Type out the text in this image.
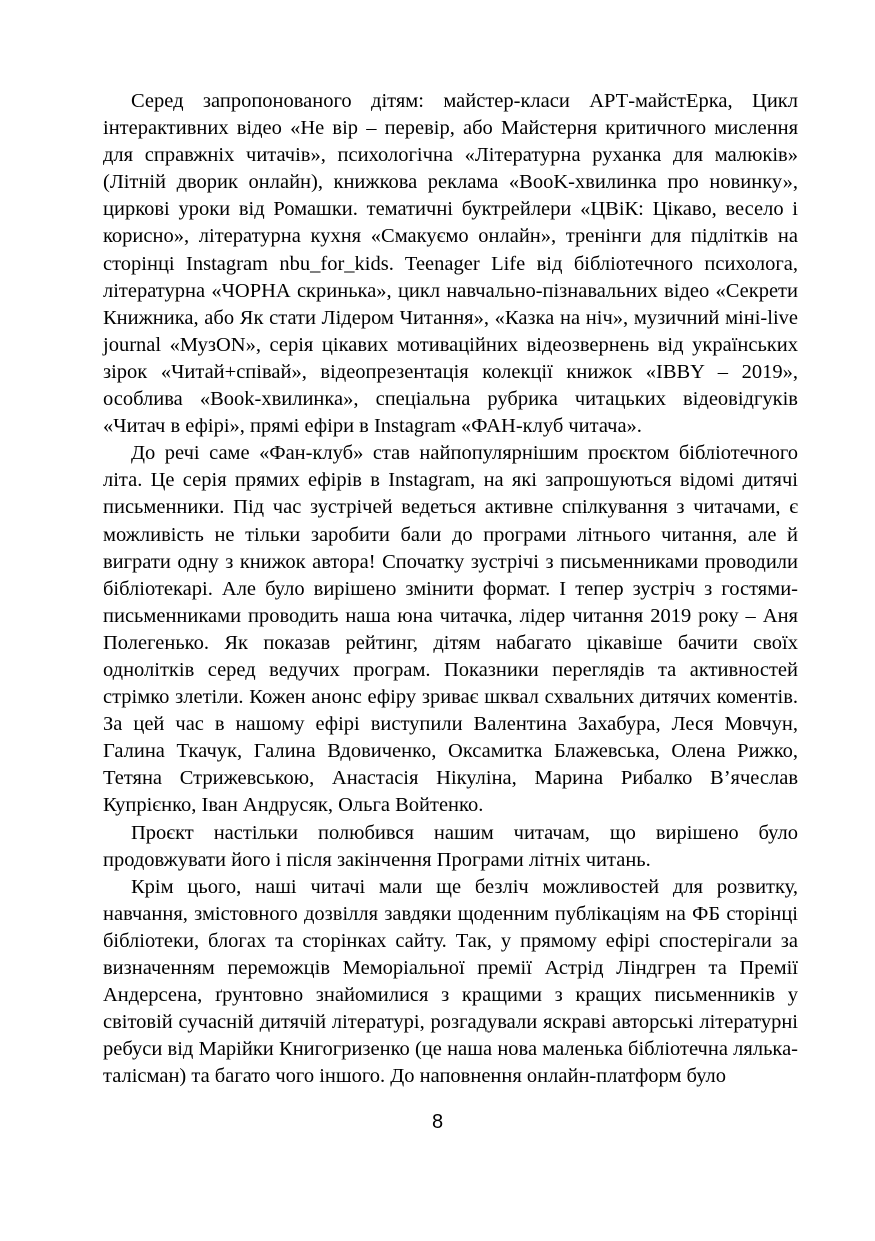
Серед запропонованого дітям: майстер-класи АРТ-майстЕрка, Цикл інтерактивних відео «Не вір – перевір, або Майстерня критичного мислення для справжніх читачів», психологічна «Літературна руханка для малюків» (Літній дворик онлайн), книжкова реклама «BooK-хвилинка про новинку», циркові уроки від Ромашки. тематичні буктрейлери «ЦВіК: Цікаво, весело і корисно», літературна кухня «Смакуємо онлайн», тренінги для підлітків на сторінці Instagram nbu_for_kids. Teenager Life від бібліотечного психолога, літературна «ЧОРНА скринька», цикл навчально-пізнавальних відео «Секрети Книжника, або Як стати Лідером Читання», «Казка на ніч», музичний міні-live journal «МузON», серія цікавих мотиваційних відеозвернень від українських зірок «Читай+співай», відеопрезентація колекції книжок «IBBY – 2019», особлива «Book-хвилинка», спеціальна рубрика читацьких відеовідгуків «Читач в ефірі», прямі ефіри в Instagram «ФАН-клуб читача».

До речі саме «Фан-клуб» став найпопулярнішим проєктом бібліотечного літа. Це серія прямих ефірів в Instagram, на які запрошуються відомі дитячі письменники. Під час зустрічей ведеться активне спілкування з читачами, є можливість не тільки заробити бали до програми літнього читання, але й виграти одну з книжок автора! Спочатку зустрічі з письменниками проводили бібліотекарі. Але було вирішено змінити формат. І тепер зустріч з гостями-письменниками проводить наша юна читачка, лідер читання 2019 року – Аня Полегенько. Як показав рейтинг, дітям набагато цікавіше бачити своїх однолітків серед ведучих програм. Показники переглядів та активностей стрімко злетіли. Кожен анонс ефіру зриває шквал схвальних дитячих коментів. За цей час в нашому ефірі виступили Валентина Захабура, Леся Мовчун, Галина Ткачук, Галина Вдовиченко, Оксамитка Блажевська, Олена Рижко, Тетяна Стрижевською, Анастасія Нікуліна, Марина Рибалко В’ячеслав Купрієнко, Іван Андрусяк, Ольга Войтенко.

Проєкт настільки полюбився нашим читачам, що вирішено було продовжувати його і після закінчення Програми літніх читань.

Крім цього, наші читачі мали ще безліч можливостей для розвитку, навчання, змістовного дозвілля завдяки щоденним публікаціям на ФБ сторінці бібліотеки, блогах та сторінках сайту. Так, у прямому ефірі спостерігали за визначенням переможців Меморіальної премії Астрід Ліндгрен та Премії Андерсена, ґрунтовно знайомилися з кращими з кращих письменників у світовій сучасній дитячій літературі, розгадували яскраві авторські літературні ребуси від Марійки Книгогризенко (це наша нова маленька бібліотечна лялька-талісман) та багато чого іншого. До наповнення онлайн-платформ було

8
